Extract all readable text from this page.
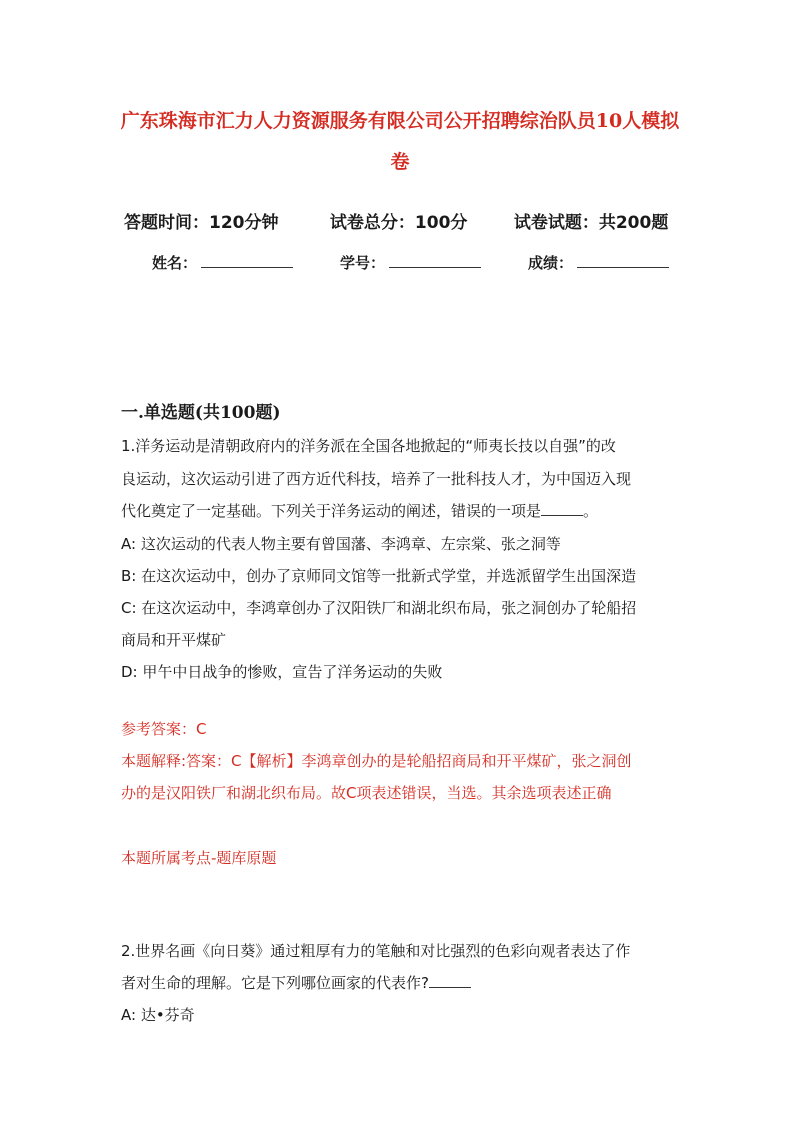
广东珠海市汇力人力资源服务有限公司公开招聘综治队员10人模拟
卷
答题时间：120分钟	试卷总分：100分	试卷试题：共200题
姓名：	学号：	成绩：
一.单选题(共100题)
1.洋务运动是清朝政府内的洋务派在全国各地掀起的“师夷长技以自强”的改
良运动，这次运动引进了西方近代科技，培养了一批科技人才，为中国迈入现
代化奠定了一定基础。下列关于洋务运动的阐述，错误的一项是	。
A: 这次运动的代表人物主要有曾国藩、李鸿章、左宗棠、张之洞等
B: 在这次运动中，创办了京师同文馆等一批新式学堂，并选派留学生出国深造
C: 在这次运动中，李鸿章创办了汉阳铁厂和湖北织布局，张之洞创办了轮船招
商局和开平煤矿
D: 甲午中日战争的惨败，宣告了洋务运动的失败
参考答案：C
本题解释:答案：C【解析】李鸿章创办的是轮船招商局和开平煤矿，张之洞创
办的是汉阳铁厂和湖北织布局。故C项表述错误，当选。其余选项表述正确
本题所属考点-题库原题
2.世界名画《向日葵》通过粗厚有力的笔触和对比强烈的色彩向观者表达了作
者对生命的理解。它是下列哪位画家的代表作?
A: 达•芬奇
